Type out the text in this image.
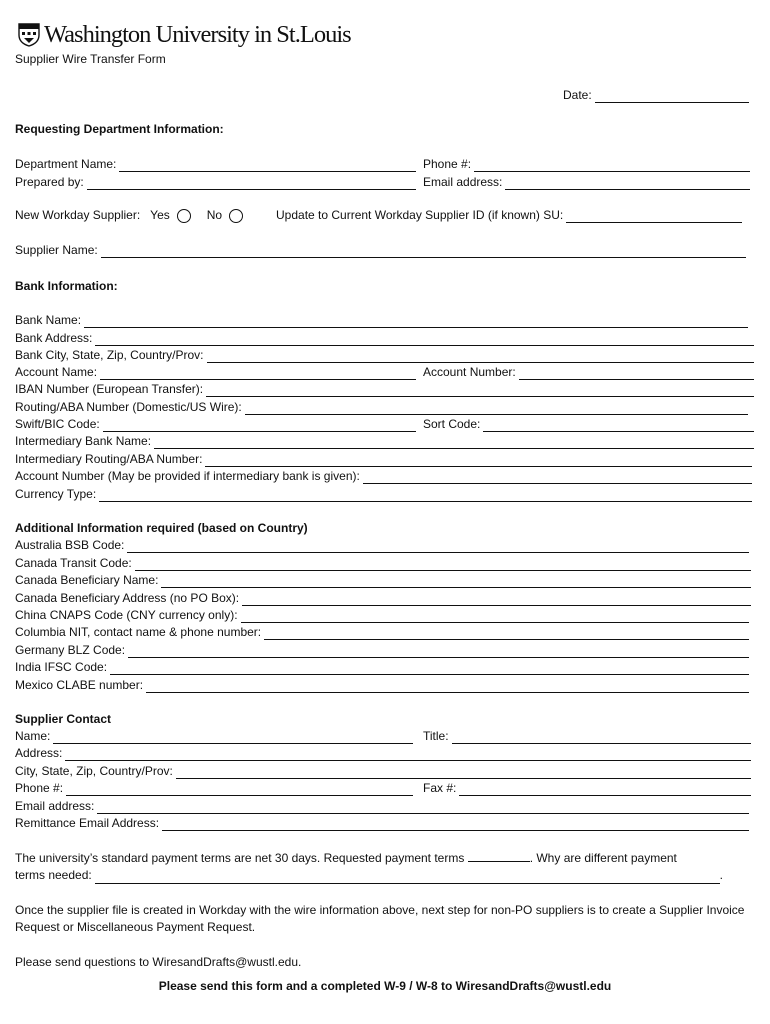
Washington University in St.Louis
Supplier Wire Transfer Form
Date:
Requesting Department Information:
Department Name:	Phone #:
Prepared by:	Email address:
New Workday Supplier: Yes	No	Update to Current Workday Supplier ID (if known) SU:
Supplier Name:
Bank Information:
Bank Name:
Bank Address:
Bank City, State, Zip, Country/Prov:
Account Name:	Account Number:
IBAN Number (European Transfer):
Routing/ABA Number (Domestic/US Wire):
Swift/BIC Code:	Sort Code:
Intermediary Bank Name:
Intermediary Routing/ABA Number:
Account Number (May be provided if intermediary bank is given):
Currency Type:
Additional Information required (based on Country)
Australia BSB Code:
Canada Transit Code:
Canada Beneficiary Name:
Canada Beneficiary Address (no PO Box):
China CNAPS Code (CNY currency only):
Columbia NIT, contact name & phone number:
Germany BLZ Code:
India IFSC Code:
Mexico CLABE number:
Supplier Contact
Name:	Title:
Address:
City, State, Zip, Country/Prov:
Phone #:	Fax #:
Email address:
Remittance Email Address:
The university’s standard payment terms are net 30 days. Requested payment terms	. Why are different payment
terms needed:	.
Once the supplier file is created in Workday with the wire information above, next step for non-PO suppliers is to create a Supplier Invoice Request or Miscellaneous Payment Request.
Please send questions to WiresandDrafts@wustl.edu.
Please send this form and a completed W-9 / W-8 to WiresandDrafts@wustl.edu
